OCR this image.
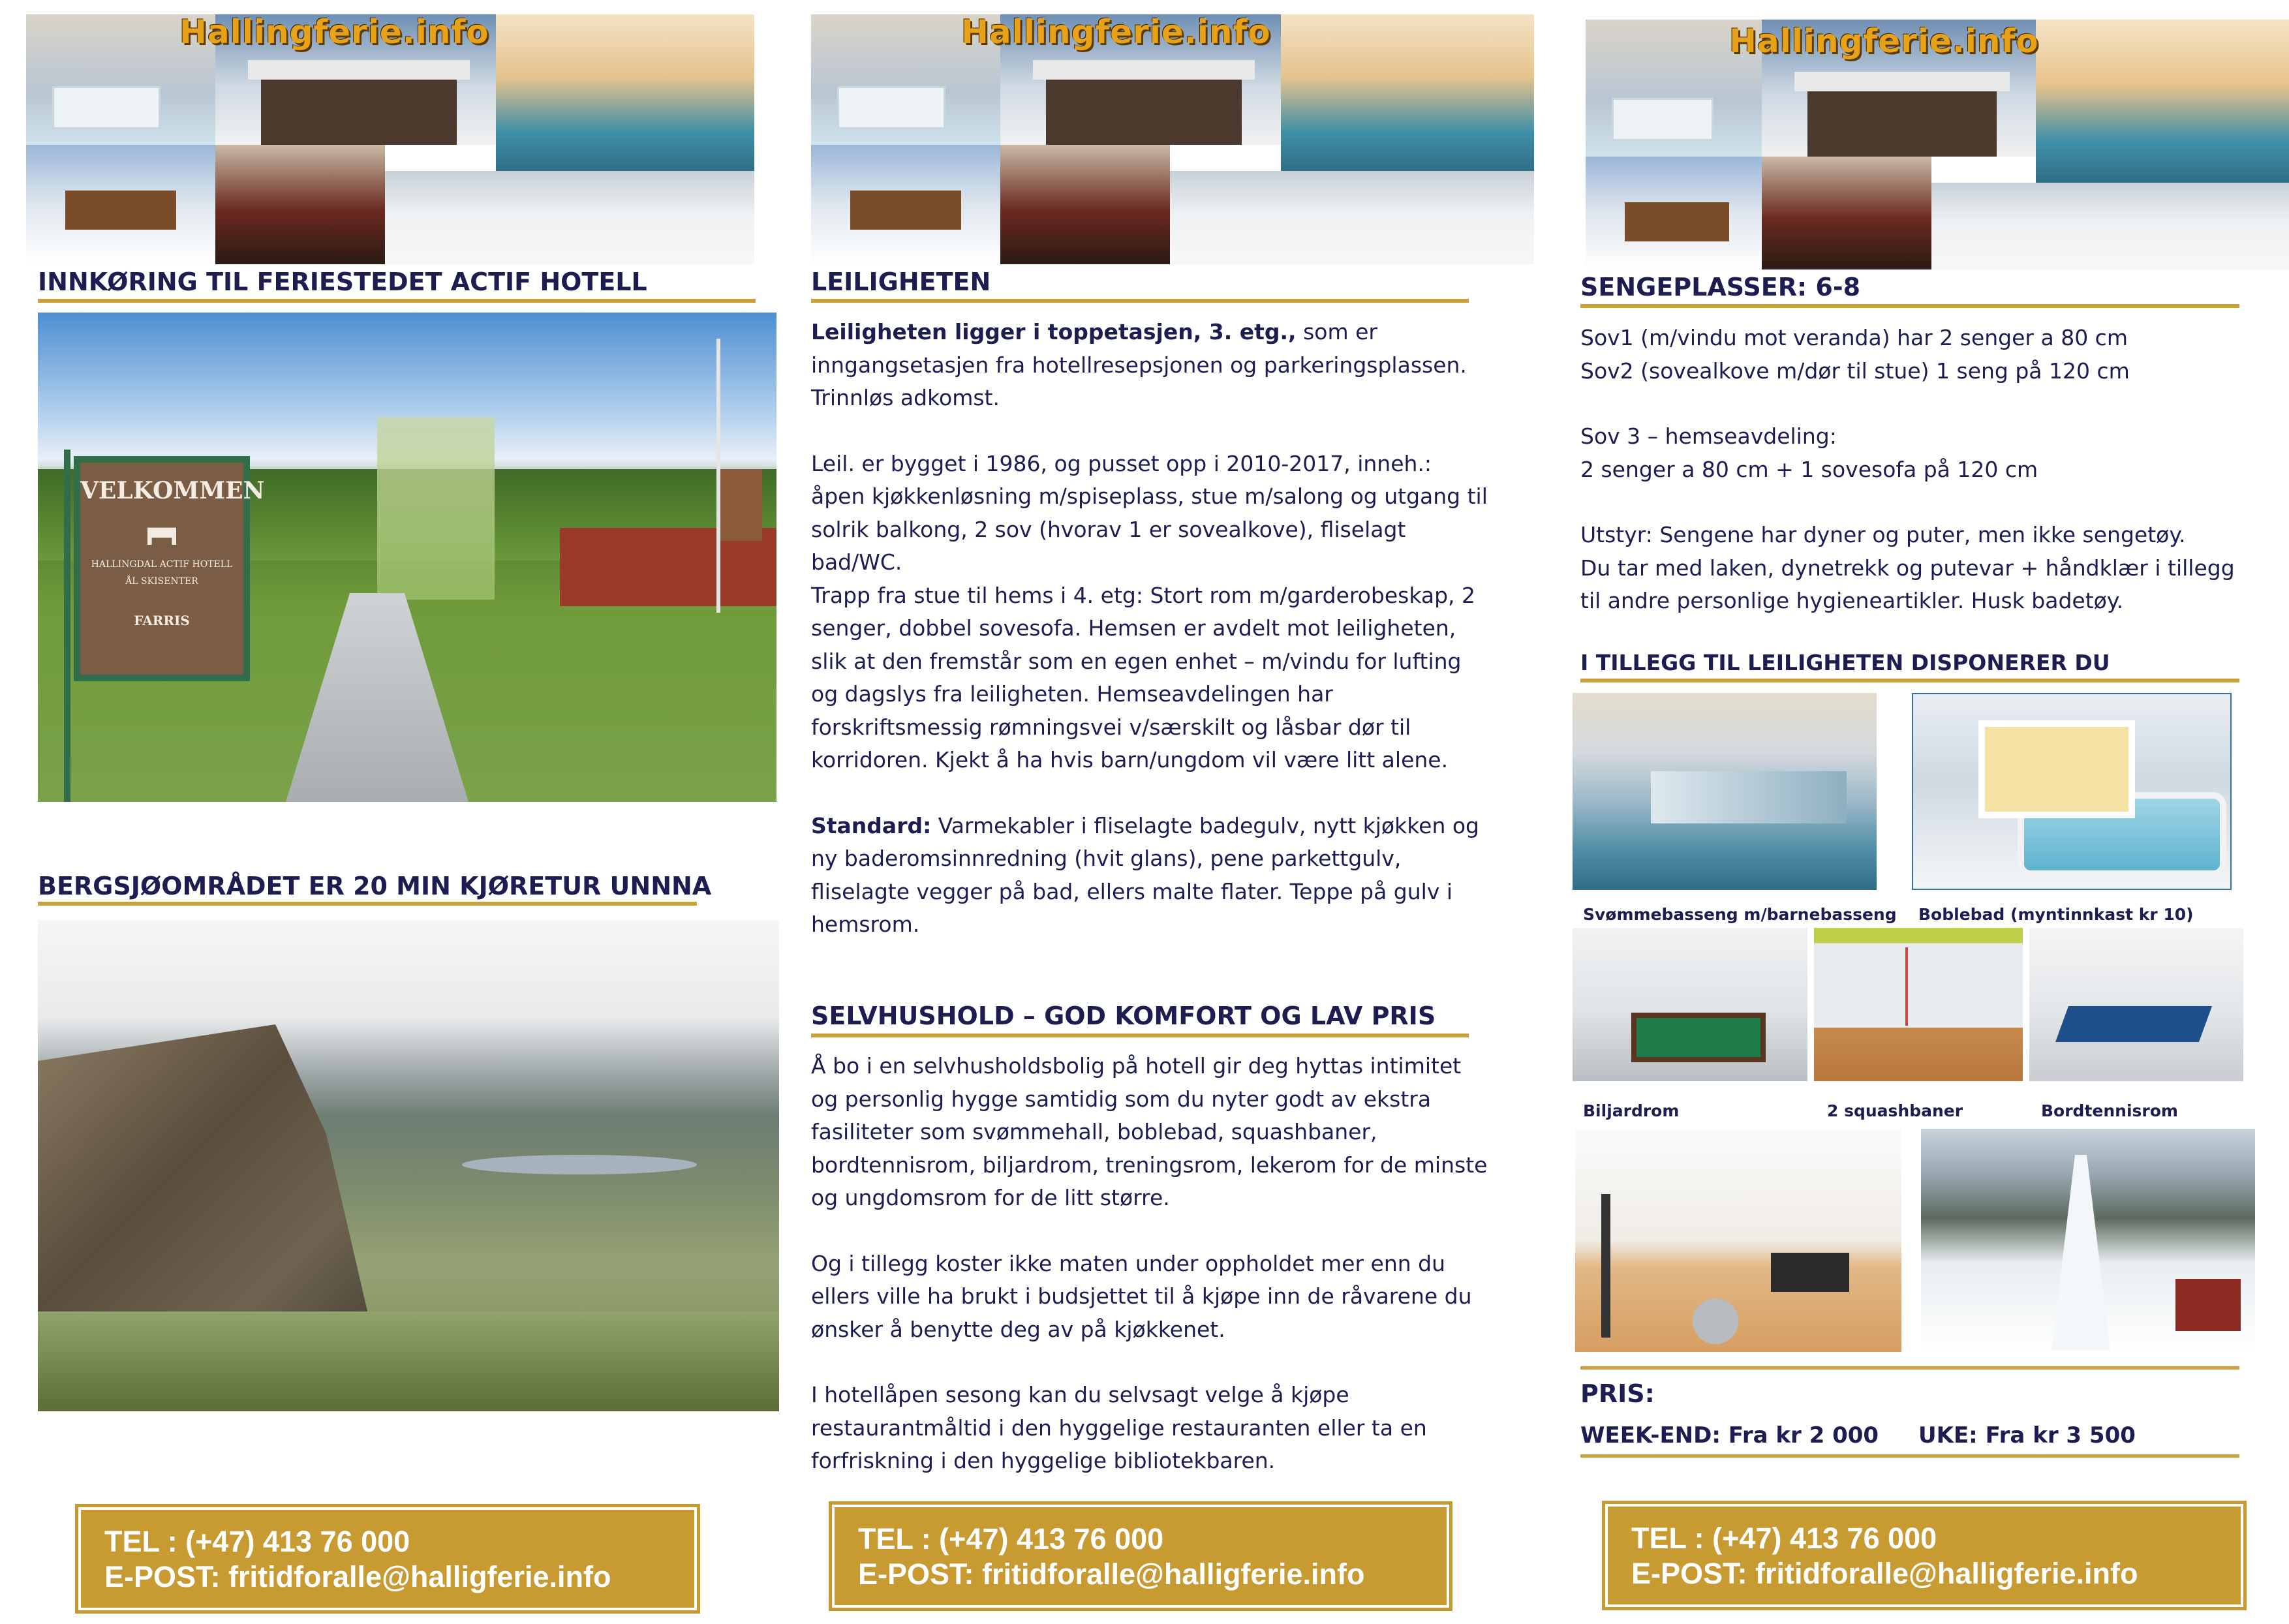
Hallingferie.info
INNKØRING TIL FERIESTEDET ACTIF HOTELL
VELKOMMEN
HALLINGDAL ACTIF HOTELL
ÅL SKISENTER
FARRIS
BERGSJØOMRÅDET ER 20 MIN KJØRETUR UNNNA
TEL : (+47) 413 76 000
E-POST: fritidforalle@halligferie.info
Hallingferie.info
LEILIGHETEN

Leiligheten ligger i toppetasjen, 3. etg., som er inngangsetasjen fra hotellresepsjonen og parkeringsplassen. Trinnløs adkomst.

Leil. er bygget i 1986, og pusset opp i 2010-2017, inneh.: åpen kjøkkenløsning m/spiseplass, stue m/salong og utgang til solrik balkong, 2 sov (hvorav 1 er sovealkove), fliselagt bad/WC.

Trapp fra stue til hems i 4. etg: Stort rom m/garderobeskap, 2 senger, dobbel sovesofa. Hemsen er avdelt mot leiligheten, slik at den fremstår som en egen enhet – m/vindu for lufting og dagslys fra leiligheten. Hemseavdelingen har forskriftsmessig rømningsvei v/særskilt og låsbar dør til korridoren. Kjekt å ha hvis barn/ungdom vil være litt alene.

Standard: Varmekabler i fliselagte badegulv, nytt kjøkken og ny baderomsinnredning (hvit glans), pene parkettgulv, fliselagte vegger på bad, ellers malte flater. Teppe på gulv i hemsrom.

SELVHUSHOLD – GOD KOMFORT OG LAV PRIS

Å bo i en selvhusholdsbolig på hotell gir deg hyttas intimitet og personlig hygge samtidig som du nyter godt av ekstra fasiliteter som svømmehall, boblebad, squashbaner, bordtennisrom, biljardrom, treningsrom, lekerom for de minste og ungdomsrom for de litt større.

Og i tillegg koster ikke maten under oppholdet mer enn du ellers ville ha brukt i budsjettet til å kjøpe inn de råvarene du ønsker å benytte deg av på kjøkkenet.

I hotellåpen sesong kan du selvsagt velge å kjøpe restaurantmåltid i den hyggelige restauranten eller ta en forfriskning i den hyggelige bibliotekbaren.

TEL : (+47) 413 76 000
E-POST: fritidforalle@halligferie.info
Hallingferie.info
SENGEPLASSER: 6-8
Sov1 (m/vindu mot veranda) har 2 senger a 80 cm

Sov2 (sovealkove m/dør til stue) 1 seng på 120 cm

Sov 3 – hemseavdeling:

2 senger a 80 cm + 1 sovesofa på 120 cm

Utstyr: Sengene har dyner og puter, men ikke sengetøy.
Du tar med laken, dynetrekk og putevar + håndklær i tillegg til andre personlige hygieneartikler. Husk badetøy.
I TILLEGG TIL LEILIGHETEN DISPONERER DU
Svømmebasseng m/barnebasseng Boblebad (myntinnkast kr 10)
Biljardrom	2 squashbaner	Bordtennisrom
PRIS:
WEEK-END: Fra kr 2 000 UKE: Fra kr 3 500
TEL : (+47) 413 76 000
E-POST: fritidforalle@halligferie.info
